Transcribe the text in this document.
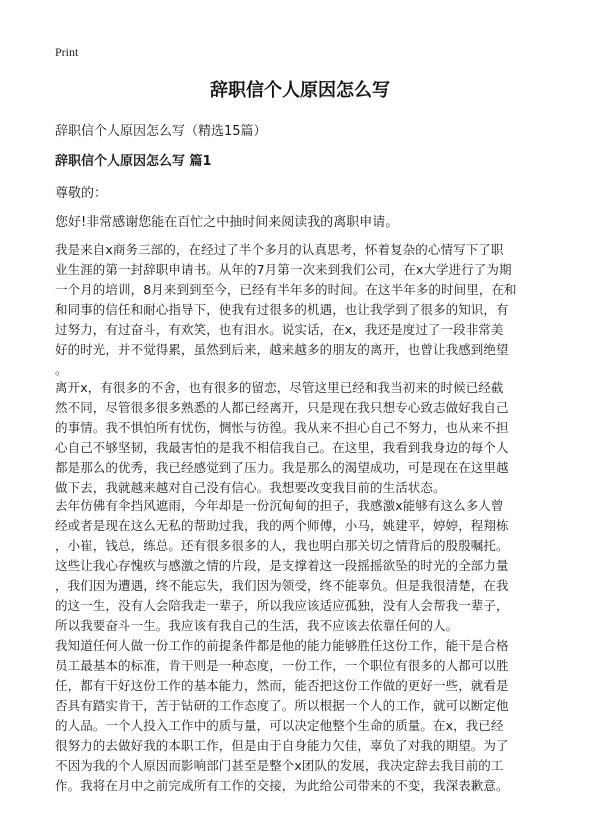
Print
辞职信个人原因怎么写
辞职信个人原因怎么写（精选15篇）
辞职信个人原因怎么写 篇1
尊敬的：
您好!非常感谢您能在百忙之中抽时间来阅读我的离职申请。
我是来自x商务三部的，在经过了半个多月的认真思考，怀着复杂的心情写下了职
业生涯的第一封辞职申请书。从年的7月第一次来到我们公司，在x大学进行了为期
一个月的培训，8月来到到至今，已经有半年多的时间。在这半年多的时间里，在和
和同事的信任和耐心指导下，使我有过很多的机遇，也让我学到了很多的知识，有
过努力，有过奋斗，有欢笑，也有泪水。说实话，在x，我还是度过了一段非常美
好的时光，并不觉得累，虽然到后来，越来越多的朋友的离开，也曾让我感到绝望
。
离开x，有很多的不舍，也有很多的留恋，尽管这里已经和我当初来的时候已经截
然不同，尽管很多很多熟悉的人都已经离开，只是现在我只想专心致志做好我自己
的事情。我不惧怕所有忧伤，惆怅与彷徨。我从来不担心自己不努力，也从来不担
心自己不够坚韧，我最害怕的是我不相信我自己。在这里，我看到我身边的每个人
都是那么的优秀，我已经感觉到了压力。我是那么的渴望成功，可是现在在这里越
做下去，我就越来越对自己没有信心。我想要改变我目前的生活状态。
去年仿佛有伞挡风遮雨，今年却是一份沉甸甸的担子，我感激x能够有这么多人曾
经或者是现在这么无私的帮助过我，我的两个师傅，小马，姚建平，婷婷，程翔栋
，小崔，钱总，练总。还有很多很多的人，我也明白那关切之情背后的殷殷嘱托。
这些让我心存愧疚与感激之情的片段，是支撑着这一段摇摇欲坠的时光的全部力量
，我们因为遭遇，终不能忘失，我们因为领受，终不能辜负。但是我很清楚，在我
的这一生，没有人会陪我走一辈子，所以我应该适应孤独，没有人会帮我一辈子，
所以我要奋斗一生。我应该有我自己的生活，我不应该去依靠任何的人。
我知道任何人做一份工作的前提条件都是他的能力能够胜任这份工作，能干是合格
员工最基本的标准，肯干则是一种态度，一份工作，一个职位有很多的人都可以胜
任，都有干好这份工作的基本能力，然而，能否把这份工作做的更好一些，就看是
否具有踏实肯干，苦于钻研的工作态度了。所以根据一个人的工作，就可以断定他
的人品。一个人投入工作中的质与量，可以决定他整个生命的质量。在x，我已经
很努力的去做好我的本职工作，但是由于自身能力欠佳，辜负了对我的期望。为了
不因为我的个人原因而影响部门甚至是整个x团队的发展，我决定辞去我目前的工
作。我将在月中之前完成所有工作的交接，为此给公司带来的不变，我深表歉意。
